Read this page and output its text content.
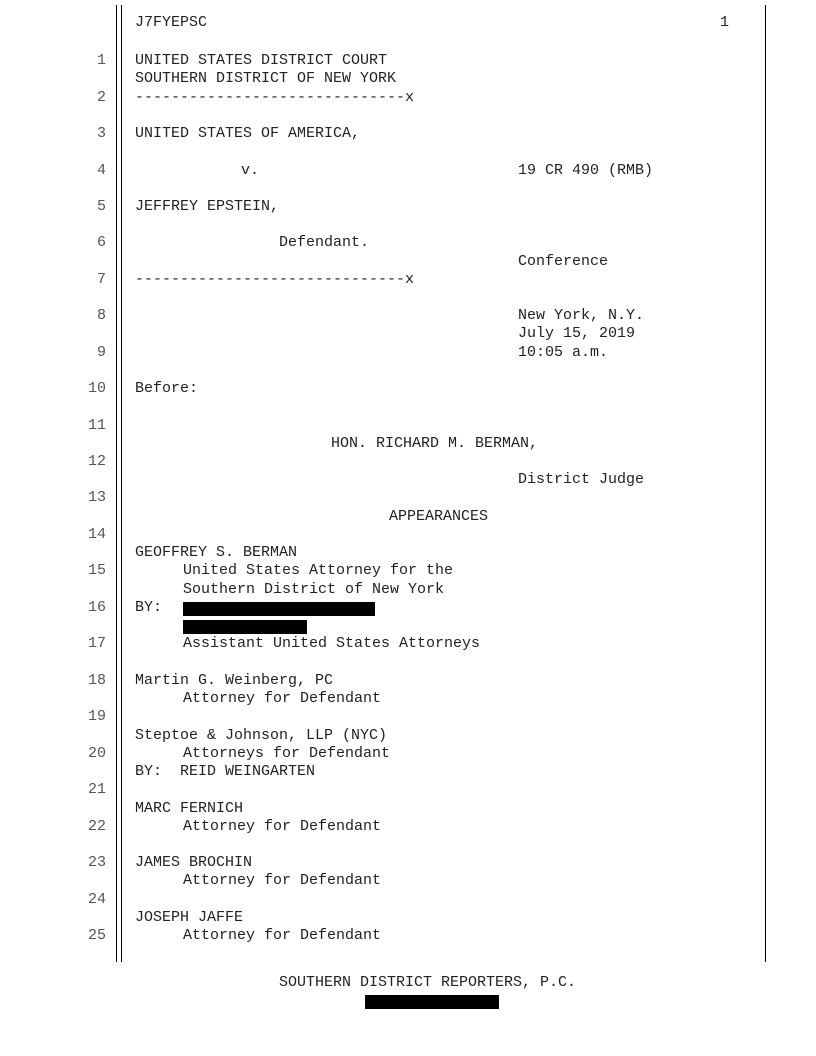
J7FYEPSC	1
1
2
3
4
5
6
7
8
9
10
11
12
13
14
15
16
17
18
19
20
21
22
23
24
25
UNITED STATES DISTRICT COURT
SOUTHERN DISTRICT OF NEW YORK
------------------------------x
UNITED STATES OF AMERICA,
v.	19 CR 490 (RMB)
JEFFREY EPSTEIN,
Defendant.
Conference
------------------------------x
New York, N.Y.
July 15, 2019
10:05 a.m.
Before:
HON. RICHARD M. BERMAN,
District Judge
APPEARANCES
GEOFFREY S. BERMAN
United States Attorney for the
Southern District of New York
BY:
Assistant United States Attorneys
Martin G. Weinberg, PC
Attorney for Defendant
Steptoe & Johnson, LLP (NYC)
Attorneys for Defendant
BY:  REID WEINGARTEN
MARC FERNICH
Attorney for Defendant
JAMES BROCHIN
Attorney for Defendant
JOSEPH JAFFE
Attorney for Defendant
SOUTHERN DISTRICT REPORTERS, P.C.
